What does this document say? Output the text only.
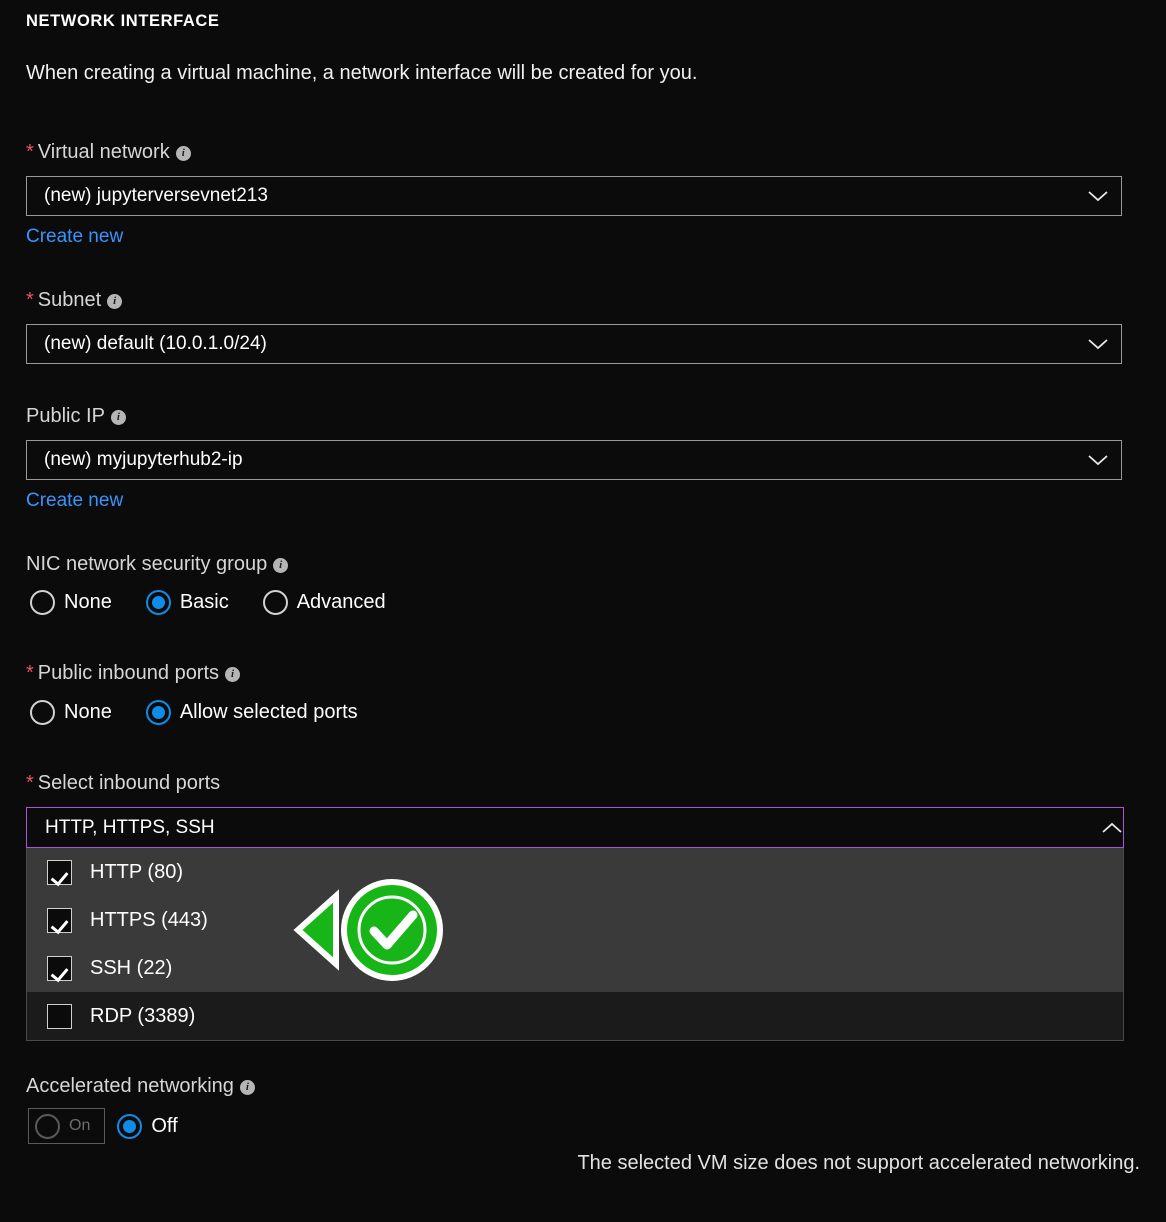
NETWORK INTERFACE
When creating a virtual machine, a network interface will be created for you.
* Virtual network i
(new) jupyterversevnet213
Create new
* Subnet i
(new) default (10.0.1.0/24)
Public IP i
(new) myjupyterhub2-ip
Create new
NIC network security group i
None	Basic	Advanced
* Public inbound ports i
None	Allow selected ports
* Select inbound ports
HTTP, HTTPS, SSH
HTTP (80)
HTTPS (443)
SSH (22)
RDP (3389)
Accelerated networking i
On	Off
The selected VM size does not support accelerated networking.
